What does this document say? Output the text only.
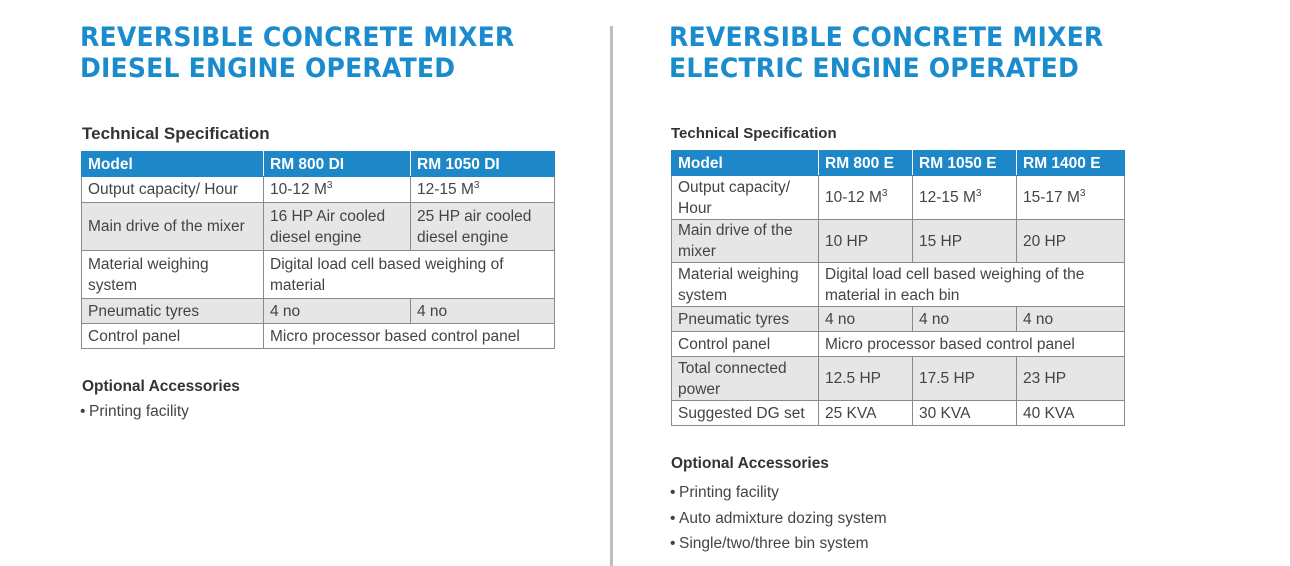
REVERSIBLE CONCRETE MIXER
DIESEL ENGINE OPERATED
Technical Specification
Model	RM 800 DI	RM 1050 DI
Output capacity/ Hour	10-12 $M^3$	12-15 $M^3$
Main drive of the mixer	16 HP Air cooled diesel engine	25 HP air cooled diesel engine
Material weighing system	Digital load cell based weighing of material	
Pneumatic tyres	4 no	4 no
Control panel	Micro processor based control panel	
Optional Accessories
• Printing facility
REVERSIBLE CONCRETE MIXER
ELECTRIC ENGINE OPERATED
Technical Specification
Model	RM 800 E	RM 1050 E	RM 1400 E
Output capacity/ Hour	10-12 $M^3$	12-15 $M^3$	15-17 $M^3$
Main drive of the mixer	10 HP	15 HP	20 HP
Material weighing system	Digital load cell based weighing of the material in each bin		
Pneumatic tyres	4 no	4 no	4 no
Control panel	Micro processor based control panel		
Total connected power	12.5 HP	17.5 HP	23 HP
Suggested DG set	25 KVA	30 KVA	40 KVA
Optional Accessories
• Printing facility
• Auto admixture dozing system
• Single/two/three bin system
